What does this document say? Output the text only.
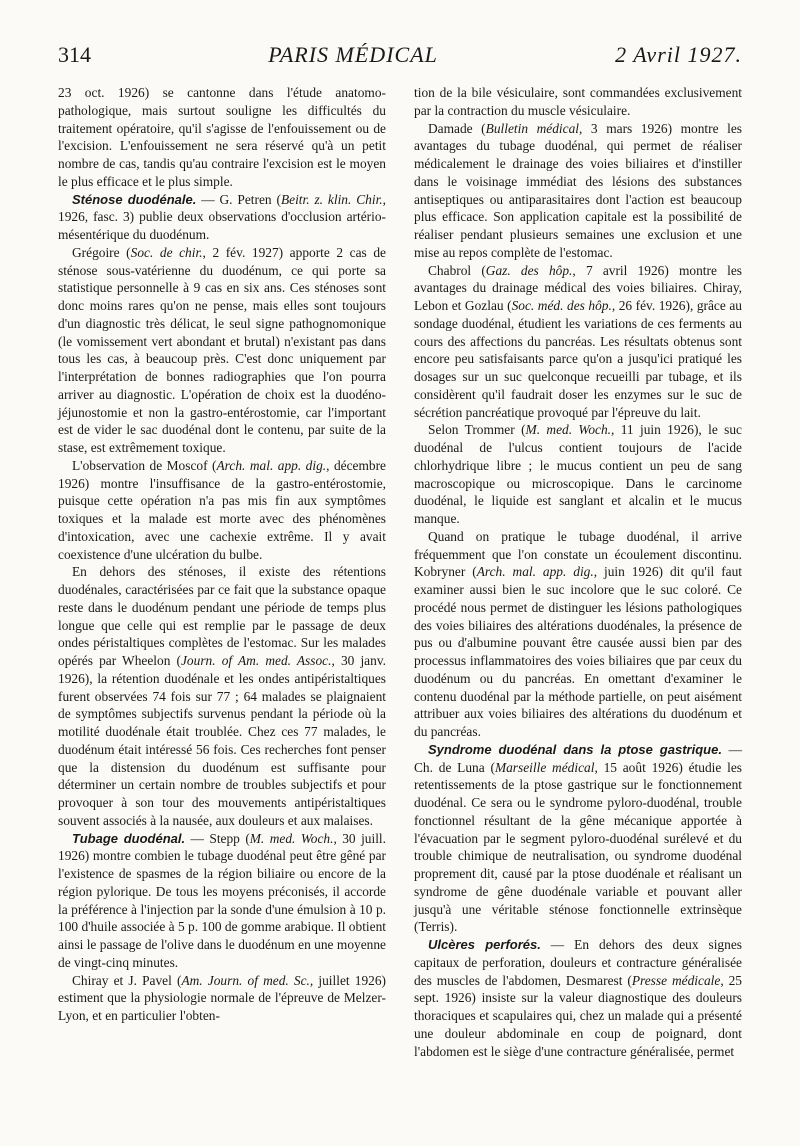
314	PARIS MÉDICAL	2 Avril 1927.

23 oct. 1926) se cantonne dans l'étude anatomo-pathologique, mais surtout souligne les difficultés du traitement opératoire, qu'il s'agisse de l'enfouissement ou de l'excision. L'enfouissement ne sera réservé qu'à un petit nombre de cas, tandis qu'au contraire l'excision est le moyen le plus efficace et le plus simple.

Sténose duodénale. — G. Petren (Beitr. z. klin. Chir., 1926, fasc. 3) publie deux observations d'occlusion artério-mésentérique du duodénum.

Grégoire (Soc. de chir., 2 fév. 1927) apporte 2 cas de sténose sous-vatérienne du duodénum, ce qui porte sa statistique personnelle à 9 cas en six ans. Ces sténoses sont donc moins rares qu'on ne pense, mais elles sont toujours d'un diagnostic très délicat, le seul signe pathognomonique (le vomissement vert abondant et brutal) n'existant pas dans tous les cas, à beaucoup près. C'est donc uniquement par l'interprétation de bonnes radiographies que l'on pourra arriver au diagnostic. L'opération de choix est la duodéno-jéjunostomie et non la gastro-entérostomie, car l'important est de vider le sac duodénal dont le contenu, par suite de la stase, est extrêmement toxique.

L'observation de Moscof (Arch. mal. app. dig., décembre 1926) montre l'insuffisance de la gastro-entérostomie, puisque cette opération n'a pas mis fin aux symptômes toxiques et la malade est morte avec des phénomènes d'intoxication, avec une cachexie extrême. Il y avait coexistence d'une ulcération du bulbe.

En dehors des sténoses, il existe des rétentions duodénales, caractérisées par ce fait que la substance opaque reste dans le duodénum pendant une période de temps plus longue que celle qui est remplie par le passage de deux ondes péristaltiques complètes de l'estomac. Sur les malades opérés par Wheelon (Journ. of Am. med. Assoc., 30 janv. 1926), la rétention duodénale et les ondes antipéristaltiques furent observées 74 fois sur 77 ; 64 malades se plaignaient de symptômes subjectifs survenus pendant la période où la motilité duodénale était troublée. Chez ces 77 malades, le duodénum était intéressé 56 fois. Ces recherches font penser que la distension du duodénum est suffisante pour déterminer un certain nombre de troubles subjectifs et pour provoquer à son tour des mouvements antipéristaltiques souvent associés à la nausée, aux douleurs et aux malaises.

Tubage duodénal. — Stepp (M. med. Woch., 30 juill. 1926) montre combien le tubage duodénal peut être gêné par l'existence de spasmes de la région biliaire ou encore de la région pylorique. De tous les moyens préconisés, il accorde la préférence à l'injection par la sonde d'une émulsion à 10 p. 100 d'huile associée à 5 p. 100 de gomme arabique. Il obtient ainsi le passage de l'olive dans le duodénum en une moyenne de vingt-cinq minutes.

Chiray et J. Pavel (Am. Journ. of med. Sc., juillet 1926) estiment que la physiologie normale de l'épreuve de Melzer-Lyon, et en particulier l'obten-

tion de la bile vésiculaire, sont commandées exclusivement par la contraction du muscle vésiculaire.

Damade (Bulletin médical, 3 mars 1926) montre les avantages du tubage duodénal, qui permet de réaliser médicalement le drainage des voies biliaires et d'instiller dans le voisinage immédiat des lésions des substances antiseptiques ou antiparasitaires dont l'action est beaucoup plus efficace. Son application capitale est la possibilité de réaliser pendant plusieurs semaines une exclusion et une mise au repos complète de l'estomac.

Chabrol (Gaz. des hôp., 7 avril 1926) montre les avantages du drainage médical des voies biliaires. Chiray, Lebon et Gozlau (Soc. méd. des hôp., 26 fév. 1926), grâce au sondage duodénal, étudient les variations de ces ferments au cours des affections du pancréas. Les résultats obtenus sont encore peu satisfaisants parce qu'on a jusqu'ici pratiqué les dosages sur un suc quelconque recueilli par tubage, et ils considèrent qu'il faudrait doser les enzymes sur le suc de sécrétion pancréatique provoqué par l'épreuve du lait.

Selon Trommer (M. med. Woch., 11 juin 1926), le suc duodénal de l'ulcus contient toujours de l'acide chlorhydrique libre ; le mucus contient un peu de sang macroscopique ou microscopique. Dans le carcinome duodénal, le liquide est sanglant et alcalin et le mucus manque.

Quand on pratique le tubage duodénal, il arrive fréquemment que l'on constate un écoulement discontinu. Kobryner (Arch. mal. app. dig., juin 1926) dit qu'il faut examiner aussi bien le suc incolore que le suc coloré. Ce procédé nous permet de distinguer les lésions pathologiques des voies biliaires des altérations duodénales, la présence de pus ou d'albumine pouvant être causée aussi bien par des processus inflammatoires des voies biliaires que par ceux du duodénum ou du pancréas. En omettant d'examiner le contenu duodénal par la méthode partielle, on peut aisément attribuer aux voies biliaires des altérations du duodénum et du pancréas.

Syndrome duodénal dans la ptose gastrique. — Ch. de Luna (Marseille médical, 15 août 1926) étudie les retentissements de la ptose gastrique sur le fonctionnement duodénal. Ce sera ou le syndrome pyloro-duodénal, trouble fonctionnel résultant de la gêne mécanique apportée à l'évacuation par le segment pyloro-duodénal surélevé et du trouble chimique de neutralisation, ou syndrome duodénal proprement dit, causé par la ptose duodénale et réalisant un syndrome de gêne duodénale variable et pouvant aller jusqu'à une véritable sténose fonctionnelle extrinsèque (Terris).

Ulcères perforés. — En dehors des deux signes capitaux de perforation, douleurs et contracture généralisée des muscles de l'abdomen, Desmarest (Presse médicale, 25 sept. 1926) insiste sur la valeur diagnostique des douleurs thoraciques et scapulaires qui, chez un malade qui a présenté une douleur abdominale en coup de poignard, dont l'abdomen est le siège d'une contracture généralisée, permet
